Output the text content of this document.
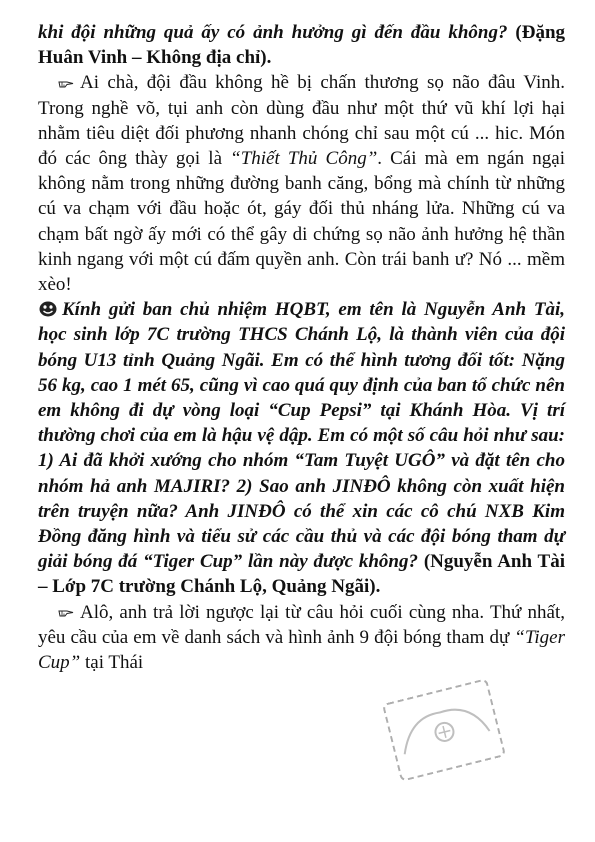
khi đội những quả ấy có ảnh hưởng gì đến đầu không? (Đặng Huân Vinh – Không địa chỉ).

Ai chà, đội đầu không hề bị chấn thương sọ não đâu Vinh. Trong nghề võ, tụi anh còn dùng đầu như một thứ vũ khí lợi hại nhằm tiêu diệt đối phương nhanh chóng chỉ sau một cú ... hic. Món đó các ông thày gọi là “Thiết Thủ Công”. Cái mà em ngán ngại không nằm trong những đường banh căng, bổng mà chính từ những cú va chạm với đầu hoặc ót, gáy đối thủ nháng lửa. Những cú va chạm bất ngờ ấy mới có thể gây di chứng sọ não ảnh hưởng hệ thần kinh ngang với một cú đấm quyền anh. Còn trái banh ư? Nó ... mềm xèo!

Kính gửi ban chủ nhiệm HQBT, em tên là Nguyễn Anh Tài, học sinh lớp 7C trường THCS Chánh Lộ, là thành viên của đội bóng U13 tỉnh Quảng Ngãi. Em có thể hình tương đối tốt: Nặng 56 kg, cao 1 mét 65, cũng vì cao quá quy định của ban tổ chức nên em không đi dự vòng loại “Cup Pepsi” tại Khánh Hòa. Vị trí thường chơi của em là hậu vệ dập. Em có một số câu hỏi như sau: 1) Ai đã khởi xướng cho nhóm “Tam Tuyệt UGÔ” và đặt tên cho nhóm hả anh MAJIRI? 2) Sao anh JINĐÔ không còn xuất hiện trên truyện nữa? Anh JINĐÔ có thể xin các cô chú NXB Kim Đồng đăng hình và tiểu sử các cầu thủ và các đội bóng tham dự giải bóng đá “Tiger Cup” lần này được không? (Nguyễn Anh Tài – Lớp 7C trường Chánh Lộ, Quảng Ngãi).

Alô, anh trả lời ngược lại từ câu hỏi cuối cùng nha. Thứ nhất, yêu cầu của em về danh sách và hình ảnh 9 đội bóng tham dự “Tiger Cup” tại Thái
